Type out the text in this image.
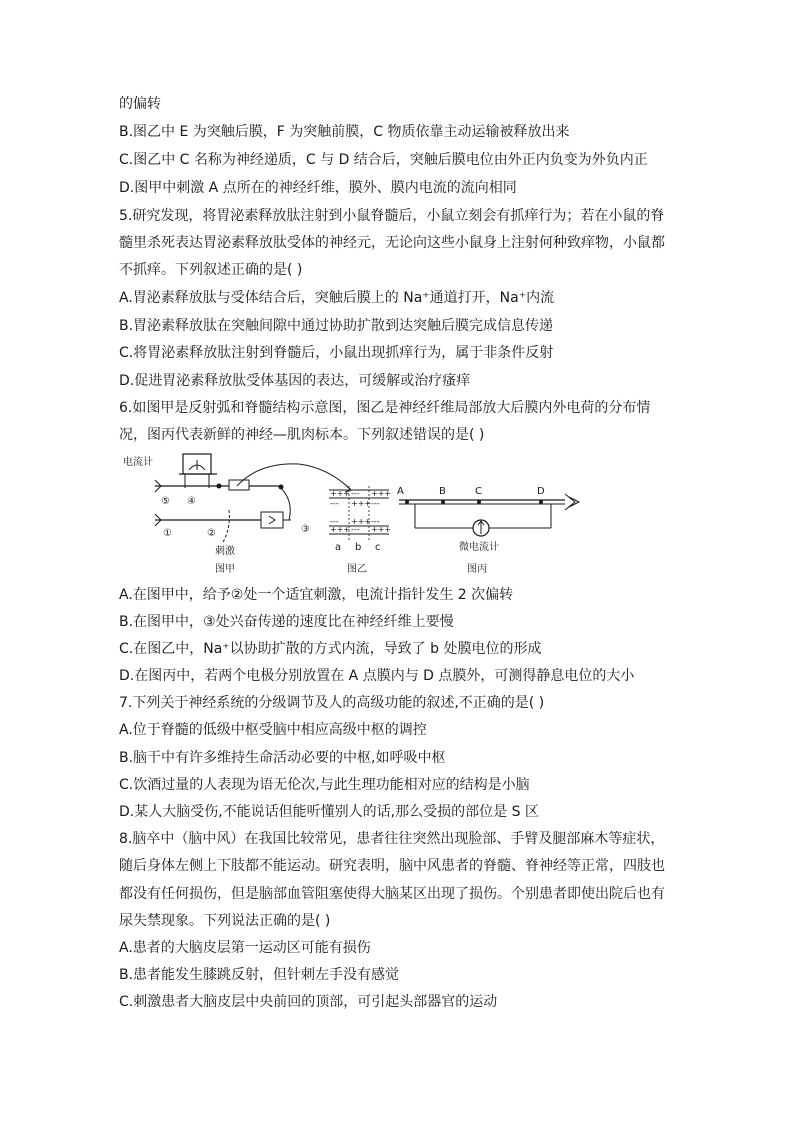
的偏转
B.图乙中 E 为突触后膜，F 为突触前膜，C 物质依靠主动运输被释放出来
C.图乙中 C 名称为神经递质，C 与 D 结合后，突触后膜电位由外正内负变为外负内正
D.图甲中刺激 A 点所在的神经纤维，膜外、膜内电流的流向相同
5.研究发现，将胃泌素释放肽注射到小鼠脊髓后，小鼠立刻会有抓痒行为；若在小鼠的脊
髓里杀死表达胃泌素释放肽受体的神经元，无论向这些小鼠身上注射何种致痒物，小鼠都
不抓痒。下列叙述正确的是( )
A.胃泌素释放肽与受体结合后，突触后膜上的 Na⁺通道打开，Na⁺内流
B.胃泌素释放肽在突触间隙中通过协助扩散到达突触后膜完成信息传递
C.将胃泌素释放肽注射到脊髓后，小鼠出现抓痒行为，属于非条件反射
D.促进胃泌素释放肽受体基因的表达，可缓解或治疗瘙痒
6.如图甲是反射弧和脊髓结构示意图，图乙是神经纤维局部放大后膜内外电荷的分布情
况，图丙代表新鲜的神经—肌肉标本。下列叙述错误的是( )
电流计
⑤ ④
①	②	③
刺激
图甲
+++ --- +++
--- +++ ---
--- +++ ---
+++ --- +++
a b c
图乙
A	B	C	D
微电流计
图丙
A.在图甲中，给予②处一个适宜刺激，电流计指针发生 2 次偏转
B.在图甲中，③处兴奋传递的速度比在神经纤维上要慢
C.在图乙中，Na⁺以协助扩散的方式内流，导致了 b 处膜电位的形成
D.在图丙中，若两个电极分别放置在 A 点膜内与 D 点膜外，可测得静息电位的大小
7.下列关于神经系统的分级调节及人的高级功能的叙述,不正确的是( )
A.位于脊髓的低级中枢受脑中相应高级中枢的调控
B.脑干中有许多维持生命活动必要的中枢,如呼吸中枢
C.饮酒过量的人表现为语无伦次,与此生理功能相对应的结构是小脑
D.某人大脑受伤,不能说话但能听懂别人的话,那么受损的部位是 S 区
8.脑卒中（脑中风）在我国比较常见，患者往往突然出现脸部、手臂及腿部麻木等症状，
随后身体左侧上下肢都不能运动。研究表明，脑中风患者的脊髓、脊神经等正常，四肢也
都没有任何损伤，但是脑部血管阻塞使得大脑某区出现了损伤。个别患者即使出院后也有
尿失禁现象。下列说法正确的是( )
A.患者的大脑皮层第一运动区可能有损伤
B.患者能发生膝跳反射，但针刺左手没有感觉
C.刺激患者大脑皮层中央前回的顶部，可引起头部器官的运动
